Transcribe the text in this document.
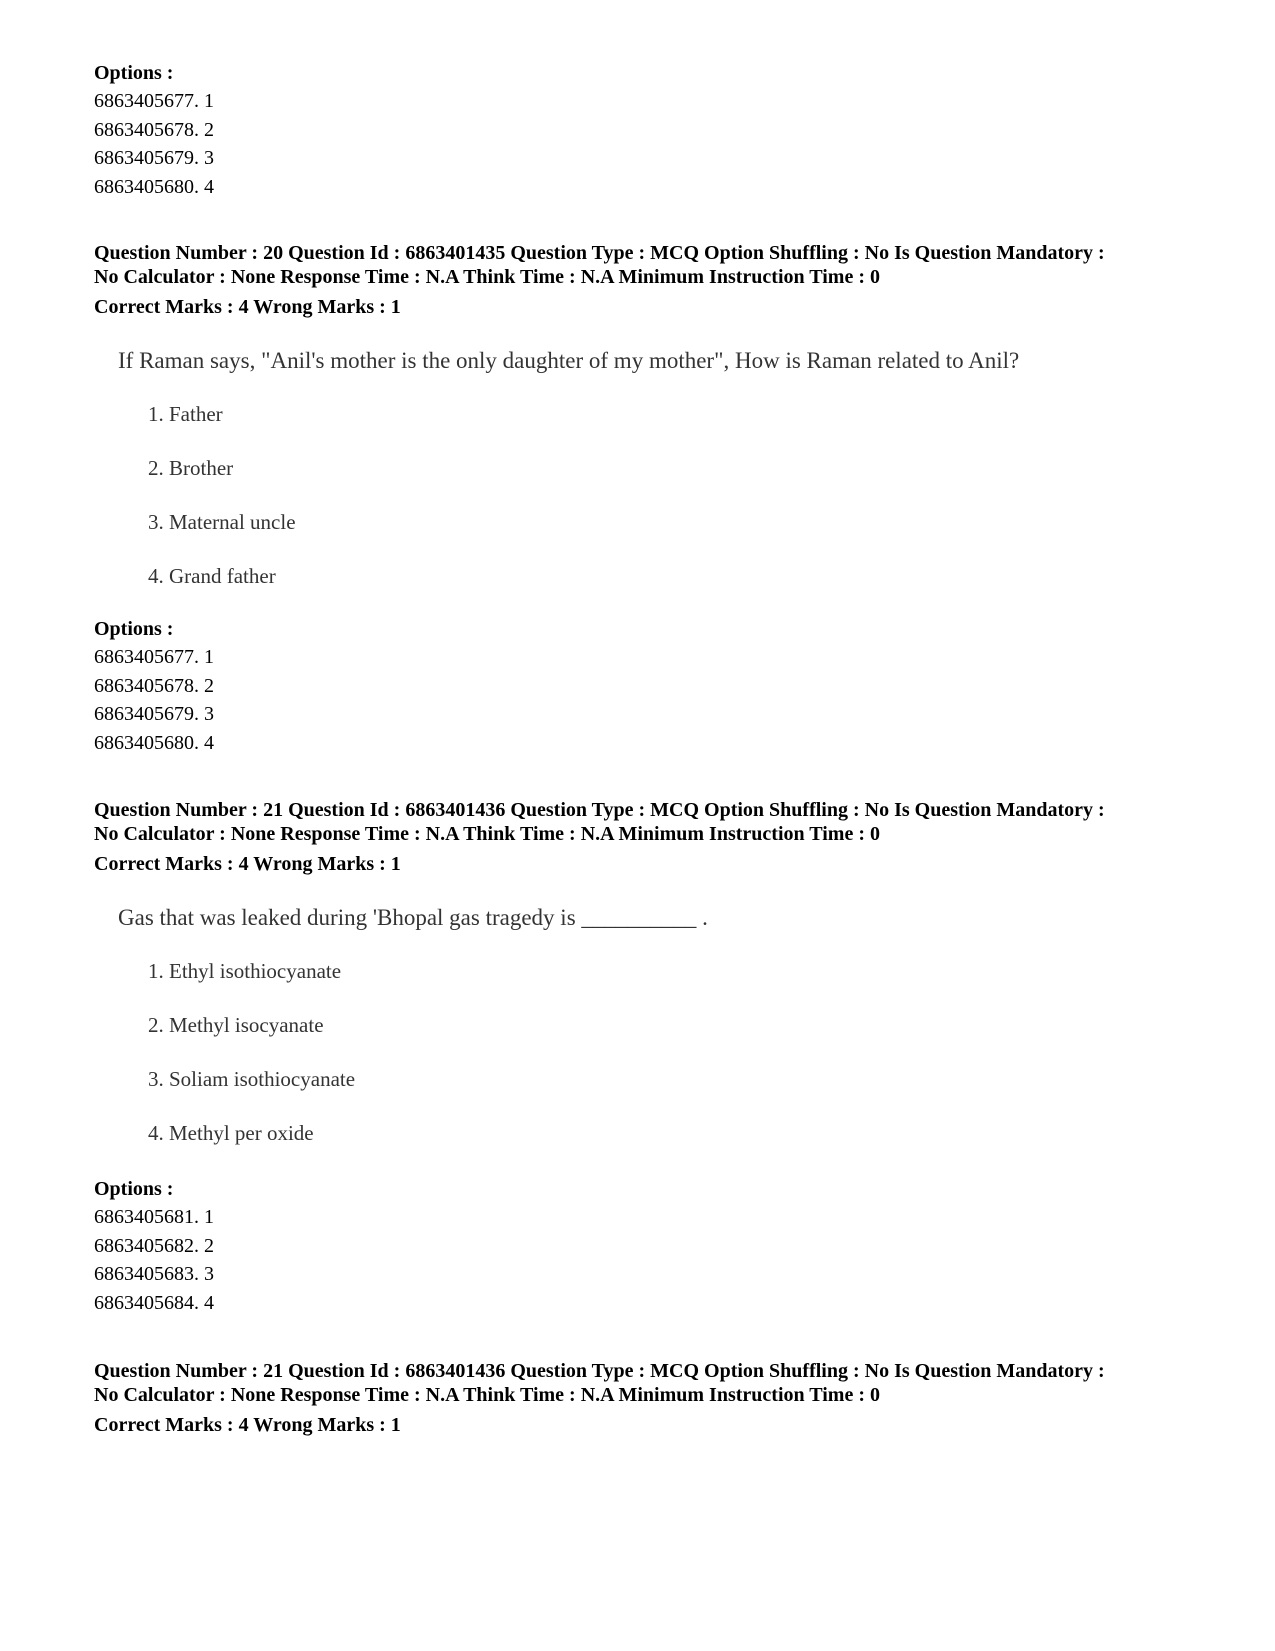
Options :
6863405677. 1
6863405678. 2
6863405679. 3
6863405680. 4
Question Number : 20 Question Id : 6863401435 Question Type : MCQ Option Shuffling : No Is Question Mandatory :
No Calculator : None Response Time : N.A Think Time : N.A Minimum Instruction Time : 0
Correct Marks : 4 Wrong Marks : 1
If Raman says, "Anil's mother is the only daughter of my mother", How is Raman related to Anil?
1. Father
2. Brother
3. Maternal uncle
4. Grand father
Options :
6863405677. 1
6863405678. 2
6863405679. 3
6863405680. 4
Question Number : 21 Question Id : 6863401436 Question Type : MCQ Option Shuffling : No Is Question Mandatory :
No Calculator : None Response Time : N.A Think Time : N.A Minimum Instruction Time : 0
Correct Marks : 4 Wrong Marks : 1
Gas that was leaked during 'Bhopal gas tragedy is __________ .
1. Ethyl isothiocyanate
2. Methyl isocyanate
3. Soliam isothiocyanate
4. Methyl per oxide
Options :
6863405681. 1
6863405682. 2
6863405683. 3
6863405684. 4
Question Number : 21 Question Id : 6863401436 Question Type : MCQ Option Shuffling : No Is Question Mandatory :
No Calculator : None Response Time : N.A Think Time : N.A Minimum Instruction Time : 0
Correct Marks : 4 Wrong Marks : 1
